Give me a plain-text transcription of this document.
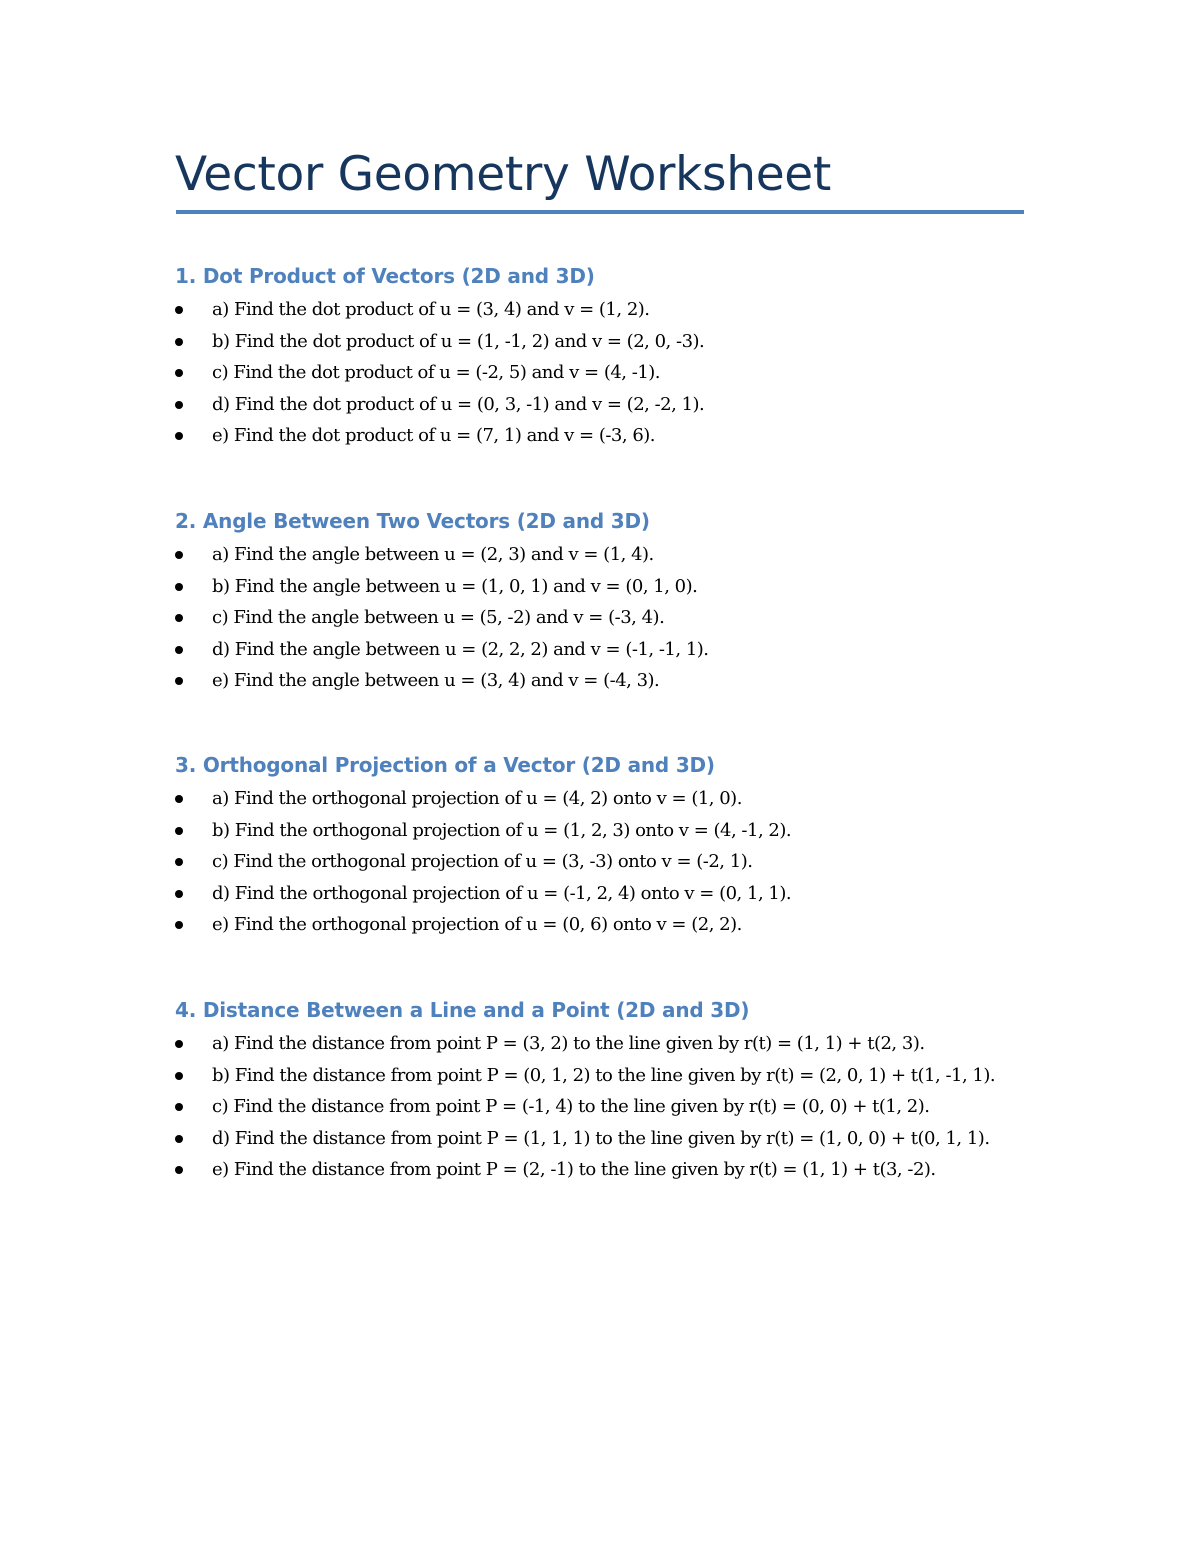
Vector Geometry Worksheet
1. Dot Product of Vectors (2D and 3D)
a) Find the dot product of u = (3, 4) and v = (1, 2).
b) Find the dot product of u = (1, -1, 2) and v = (2, 0, -3).
c) Find the dot product of u = (-2, 5) and v = (4, -1).
d) Find the dot product of u = (0, 3, -1) and v = (2, -2, 1).
e) Find the dot product of u = (7, 1) and v = (-3, 6).
2. Angle Between Two Vectors (2D and 3D)
a) Find the angle between u = (2, 3) and v = (1, 4).
b) Find the angle between u = (1, 0, 1) and v = (0, 1, 0).
c) Find the angle between u = (5, -2) and v = (-3, 4).
d) Find the angle between u = (2, 2, 2) and v = (-1, -1, 1).
e) Find the angle between u = (3, 4) and v = (-4, 3).
3. Orthogonal Projection of a Vector (2D and 3D)
a) Find the orthogonal projection of u = (4, 2) onto v = (1, 0).
b) Find the orthogonal projection of u = (1, 2, 3) onto v = (4, -1, 2).
c) Find the orthogonal projection of u = (3, -3) onto v = (-2, 1).
d) Find the orthogonal projection of u = (-1, 2, 4) onto v = (0, 1, 1).
e) Find the orthogonal projection of u = (0, 6) onto v = (2, 2).
4. Distance Between a Line and a Point (2D and 3D)
a) Find the distance from point P = (3, 2) to the line given by r(t) = (1, 1) + t(2, 3).
b) Find the distance from point P = (0, 1, 2) to the line given by r(t) = (2, 0, 1) + t(1, -1, 1).
c) Find the distance from point P = (-1, 4) to the line given by r(t) = (0, 0) + t(1, 2).
d) Find the distance from point P = (1, 1, 1) to the line given by r(t) = (1, 0, 0) + t(0, 1, 1).
e) Find the distance from point P = (2, -1) to the line given by r(t) = (1, 1) + t(3, -2).
